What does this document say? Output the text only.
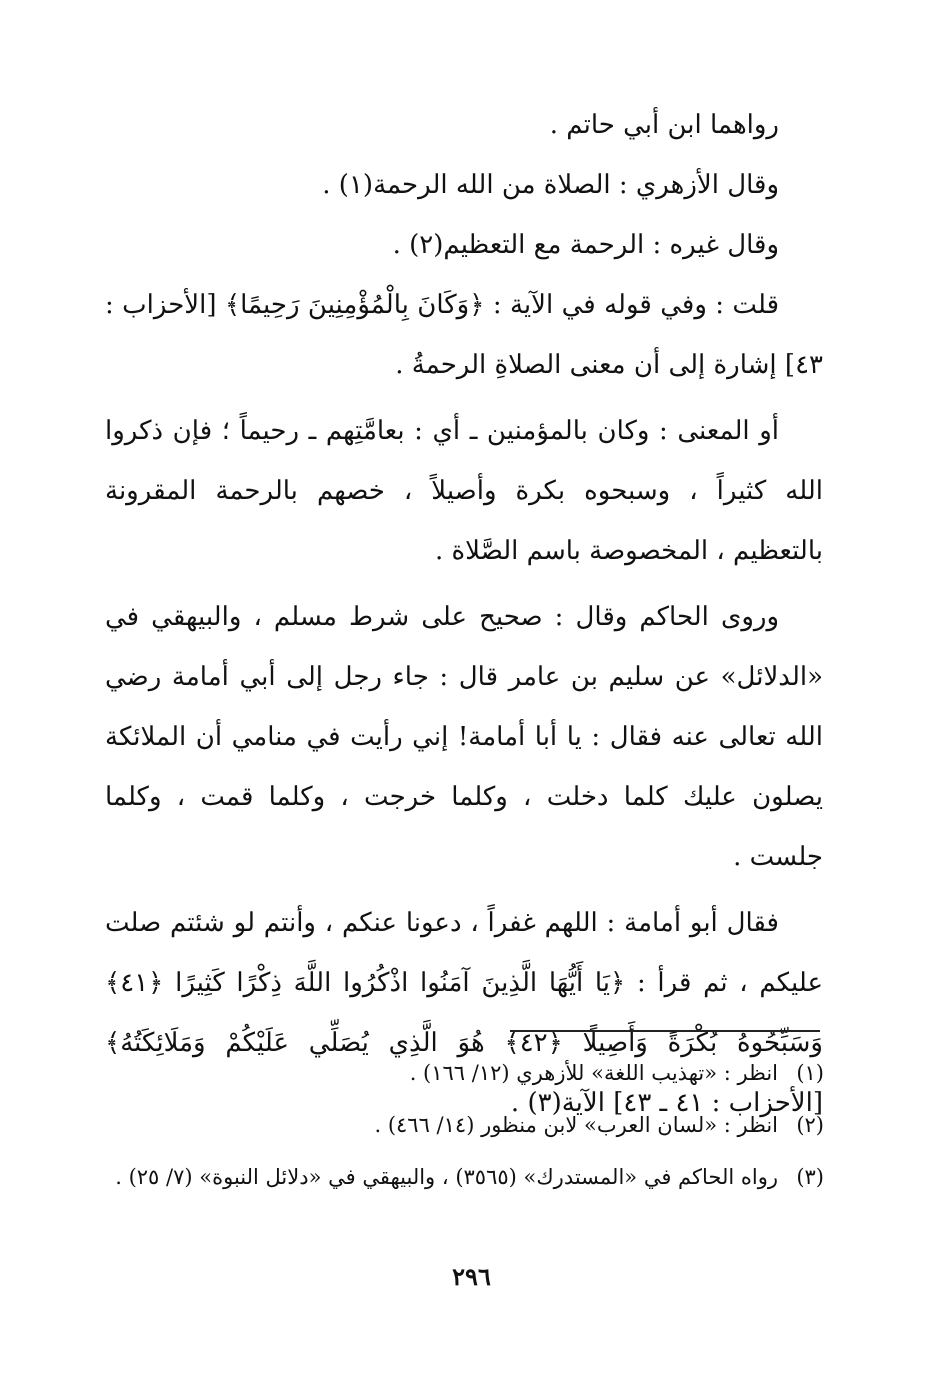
رواهما ابن أبي حاتم .

وقال الأزهري : الصلاة من الله الرحمة(١) .

وقال غيره : الرحمة مع التعظيم(٢) .

قلت : وفي قوله في الآية : ﴿وَكَانَ بِالْمُؤْمِنِينَ رَحِيمًا﴾ [الأحزاب : ٤٣] إشارة إلى أن معنى الصلاةِ الرحمةُ .

أو المعنى : وكان بالمؤمنين ـ أي : بعامَّتِهم ـ رحيماً ؛ فإن ذكروا الله كثيراً ، وسبحوه بكرة وأصيلاً ، خصهم بالرحمة المقرونة بالتعظيم ، المخصوصة باسم الصَّلاة .

وروى الحاكم وقال : صحيح على شرط مسلم ، والبيهقي في «الدلائل» عن سليم بن عامر قال : جاء رجل إلى أبي أمامة رضي الله تعالى عنه فقال : يا أبا أمامة! إني رأيت في منامي أن الملائكة يصلون عليك كلما دخلت ، وكلما خرجت ، وكلما قمت ، وكلما جلست .

فقال أبو أمامة : اللهم غفراً ، دعونا عنكم ، وأنتم لو شئتم صلت عليكم ، ثم قرأ : ﴿يَا أَيُّهَا الَّذِينَ آمَنُوا اذْكُرُوا اللَّهَ ذِكْرًا كَثِيرًا ﴿٤١﴾ وَسَبِّحُوهُ بُكْرَةً وَأَصِيلًا ﴿٤٢﴾ هُوَ الَّذِي يُصَلِّي عَلَيْكُمْ وَمَلَائِكَتُهُ﴾ [الأحزاب : ٤١ ـ ٤٣] الآية(٣) .

(١)انظر : «تهذيب اللغة» للأزهري (١٢/ ١٦٦) .

(٢)انظر : «لسان العرب» لابن منظور (١٤/ ٤٦٦) .

(٣)رواه الحاكم في «المستدرك» (٣٥٦٥) ، والبيهقي في «دلائل النبوة» (٧/ ٢٥) .

٢٩٦
